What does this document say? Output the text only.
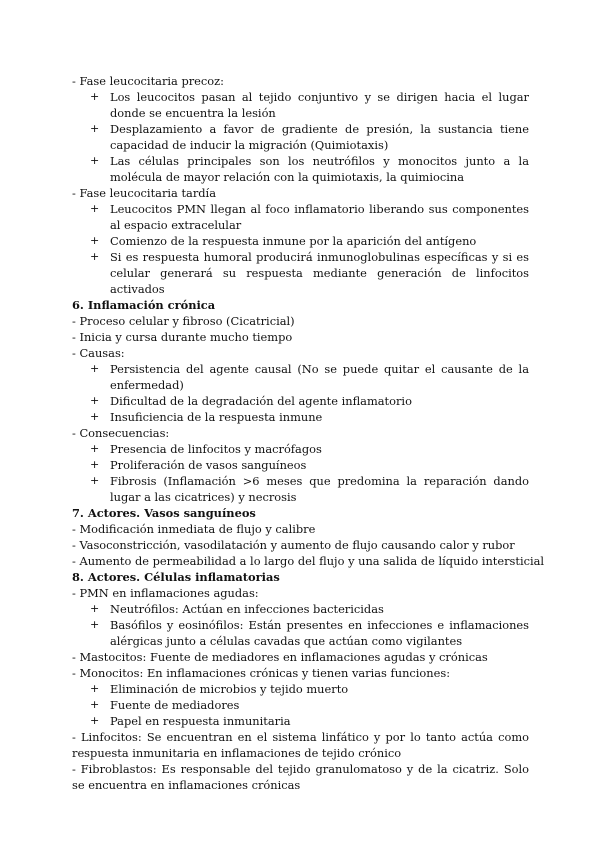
- Fase leucocitaria precoz:
+ Los leucocitos pasan al tejido conjuntivo y se dirigen hacia el lugar donde se encuentra la lesión
+ Desplazamiento a favor de gradiente de presión, la sustancia tiene capacidad de inducir la migración (Quimiotaxis)
+ Las células principales son los neutrófilos y monocitos junto a la molécula de mayor relación con la quimiotaxis, la quimiocina
- Fase leucocitaria tardía
+ Leucocitos PMN llegan al foco inflamatorio liberando sus componentes al espacio extracelular
+ Comienzo de la respuesta inmune por la aparición del antígeno
+ Si es respuesta humoral producirá inmunoglobulinas específicas y si es celular generará su respuesta mediante generación de linfocitos activados
6. Inflamación crónica
- Proceso celular y fibroso (Cicatricial)
- Inicia y cursa durante mucho tiempo
- Causas:
+ Persistencia del agente causal (No se puede quitar el causante de la enfermedad)
+ Dificultad de la degradación del agente inflamatorio
+ Insuficiencia de la respuesta inmune
- Consecuencias:
+ Presencia de linfocitos y macrófagos
+ Proliferación de vasos sanguíneos
+ Fibrosis (Inflamación >6 meses que predomina la reparación dando lugar a las cicatrices) y necrosis
7. Actores. Vasos sanguíneos
- Modificación inmediata de flujo y calibre
- Vasoconstricción, vasodilatación y aumento de flujo causando calor y rubor
- Aumento de permeabilidad a lo largo del flujo y una salida de líquido intersticial
8. Actores. Células inflamatorias
- PMN en inflamaciones agudas:
+ Neutrófilos: Actúan en infecciones bactericidas
+ Basófilos y eosinófilos: Están presentes en infecciones e inflamaciones alérgicas junto a células cavadas que actúan como vigilantes
- Mastocitos: Fuente de mediadores en inflamaciones agudas y crónicas
- Monocitos: En inflamaciones crónicas y tienen varias funciones:
+ Eliminación de microbios y tejido muerto
+ Fuente de mediadores
+ Papel en respuesta inmunitaria
- Linfocitos: Se encuentran en el sistema linfático y por lo tanto actúa como respuesta inmunitaria en inflamaciones de tejido crónico
- Fibroblastos: Es responsable del tejido granulomatoso y de la cicatriz. Solo se encuentra en inflamaciones crónicas
